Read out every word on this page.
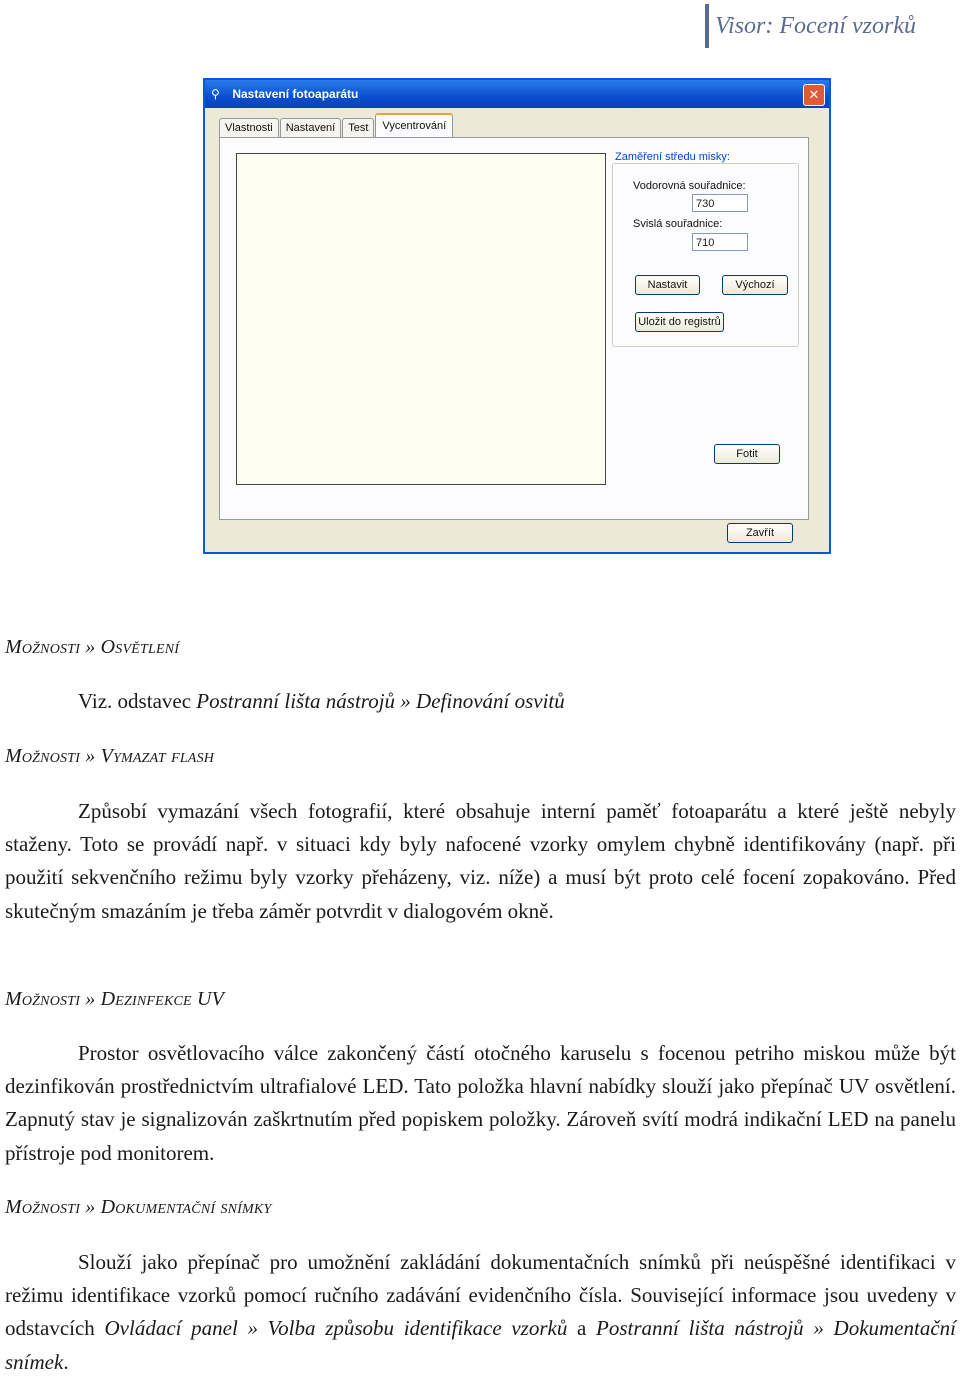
Visor: Focení vzorků
⚲ Nastavení fotoaparátu	✕
Vlastnosti	Nastavení	Test	Vycentrování
Zaměření středu misky:
Vodorovná souřadnice:
730
Svislá souřadnice:
710
Nastavit	Výchozí
Uložit do registrů
Fotit
Zavřít
Možnosti » Osvětlení

Viz. odstavec Postranní lišta nástrojů » Definování osvitů

Možnosti » Vymazat flash

Způsobí vymazání všech fotografií, které obsahuje interní paměť fotoaparátu a které ještě nebyly staženy. Toto se provádí např. v situaci kdy byly nafocené vzorky omylem chybně identifikovány (např. při použití sekvenčního režimu byly vzorky přeházeny, viz. níže) a musí být proto celé focení zopakováno. Před skutečným smazáním je třeba záměr potvrdit v dialogovém okně.

Možnosti » Dezinfekce UV

Prostor osvětlovacího válce zakončený částí otočného karuselu s focenou petriho miskou může být dezinfikován prostřednictvím ultrafialové LED. Tato položka hlavní nabídky slouží jako přepínač UV osvětlení. Zapnutý stav je signalizován zaškrtnutím před popiskem položky. Zároveň svítí modrá indikační LED na panelu přístroje pod monitorem.

Možnosti » Dokumentační snímky

Slouží jako přepínač pro umožnění zakládání dokumentačních snímků při neúspěšné identifikaci v režimu identifikace vzorků pomocí ručního zadávání evidenčního čísla. Související informace jsou uvedeny v odstavcích Ovládací panel » Volba způsobu identifikace vzorků a Postranní lišta nástrojů » Dokumentační snímek.
